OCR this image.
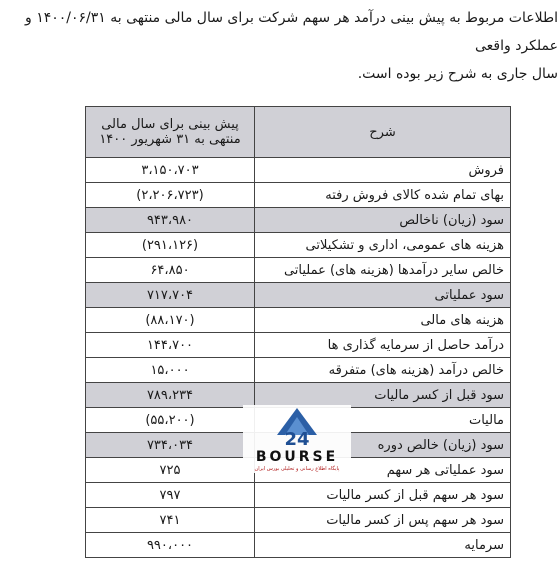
اطلاعات مربوط به پیش بینی درآمد هر سهم شرکت برای سال مالی منتهی به ۱۴۰۰/۰۶/۳۱ و عملکرد واقعی

سال جاری به شرح زیر بوده است.

شرح	پیش بینی برای سال مالی منتهی به ۳۱ شهریور ۱۴۰۰
فروش	۳،۱۵۰،۷۰۳
بهای تمام شده کالای فروش رفته	(۲،۲۰۶،۷۲۳)
سود (زیان) ناخالص	۹۴۳،۹۸۰
هزینه های عمومی، اداری و تشکیلاتی	(۲۹۱،۱۲۶)
خالص سایر درآمدها (هزینه های) عملیاتی	۶۴،۸۵۰
سود عملیاتی	۷۱۷،۷۰۴
هزینه های مالی	(۸۸،۱۷۰)
درآمد حاصل از سرمایه گذاری ها	۱۴۴،۷۰۰
خالص درآمد (هزینه های) متفرقه	۱۵،۰۰۰
سود قبل از کسر مالیات	۷۸۹،۲۳۴
مالیات	(۵۵،۲۰۰)
سود (زیان) خالص دوره	۷۳۴،۰۳۴
سود عملیاتی هر سهم	۷۲۵
سود هر سهم قبل از کسر مالیات	۷۹۷
سود هر سهم پس از کسر مالیات	۷۴۱
سرمایه	۹۹۰،۰۰۰
24
BOURSE
پایگاه اطلاع رسانی و تحلیلی بورس ایران
